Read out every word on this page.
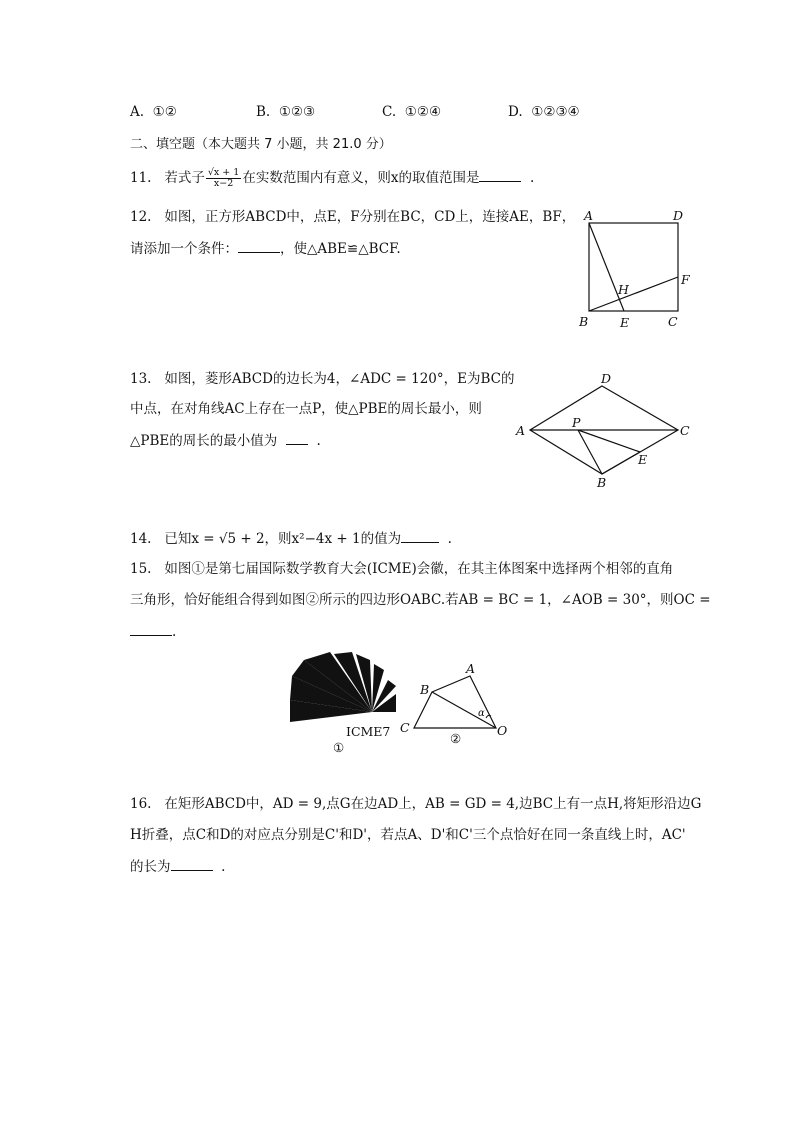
A. ①②	B. ①②③	C. ①②④	D. ①②③④
二、填空题（本大题共 7 小题，共 21.0 分）
11. 若式子 $\frac{√x + 1}{x-2}$ 在实数范围内有意义，则x的取值范围是	.
12. 如图，正方形ABCD中，点E，F分别在BC，CD上，连接AE，BF，
请添加一个条件：	，使△ABE≌△BCF.
A	D
F
H
B	E	C
13. 如图，菱形ABCD的边长为4，∠ADC = 120°，E为BC的
中点，在对角线AC上存在一点P，使△PBE的周长最小，则
△PBE的周长的最小值为	.
D
A
P
C
E
B
14. 已知x = √5 + 2，则x²−4x + 1的值为	.
15. 如图①是第七届国际数学教育大会(ICME)会徽，在其主体图案中选择两个相邻的直角
三角形，恰好能组合得到如图②所示的四边形OABC.若AB = BC = 1，∠AOB = 30°，则OC =
.
ICME7
①
A
B
C	O
α
②
16. 在矩形ABCD中，AD = 9,点G在边AD上，AB = GD = 4,边BC上有一点H,将矩形沿边G
H折叠，点C和D的对应点分别是C'和D'，若点A、D'和C'三个点恰好在同一条直线上时，AC'
的长为	.
